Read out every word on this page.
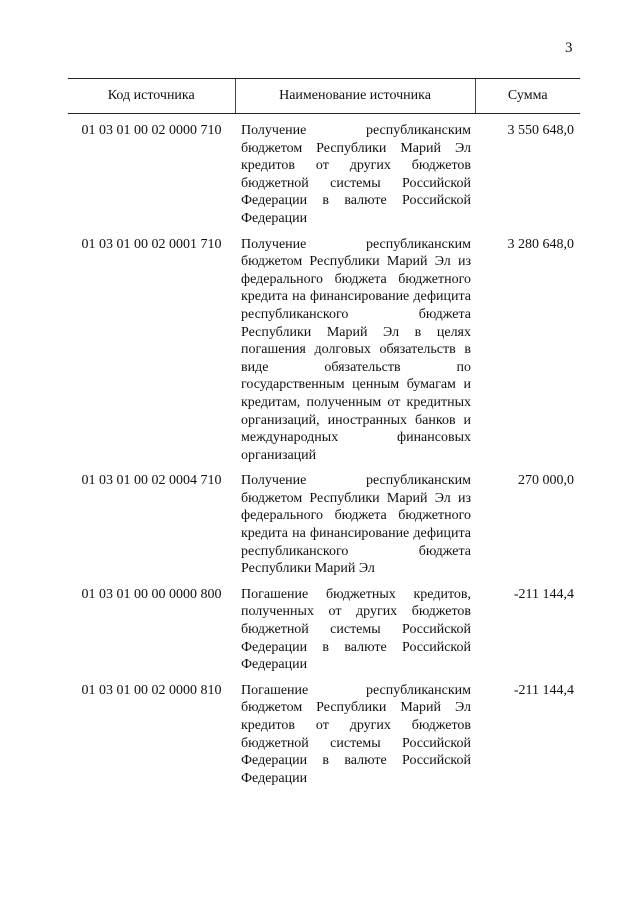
3
Код источника	Наименование источника	Сумма
01 03 01 00 02 0000 710	Получение республиканским бюджетом Республики Марий Эл кредитов от других бюджетов бюджетной системы Российской Федерации в валюте Российской Федерации	3 550 648,0
01 03 01 00 02 0001 710	Получение республиканским бюджетом Республики Марий Эл из федерального бюджета бюджетного кредита на финансирование дефицита республиканского бюджета Республики Марий Эл в целях погашения долговых обязательств в виде обязательств по государственным ценным бумагам и кредитам, полученным от кредитных организаций, иностранных банков и международных финансовых организаций	3 280 648,0
01 03 01 00 02 0004 710	Получение республиканским бюджетом Республики Марий Эл из федерального бюджета бюджетного кредита на финансирование дефицита республиканского бюджета Республики Марий Эл	270 000,0
01 03 01 00 00 0000 800	Погашение бюджетных кредитов, полученных от других бюджетов бюджетной системы Российской Федерации в валюте Российской Федерации	-211 144,4
01 03 01 00 02 0000 810	Погашение республиканским бюджетом Республики Марий Эл кредитов от других бюджетов бюджетной системы Российской Федерации в валюте Российской Федерации	-211 144,4
